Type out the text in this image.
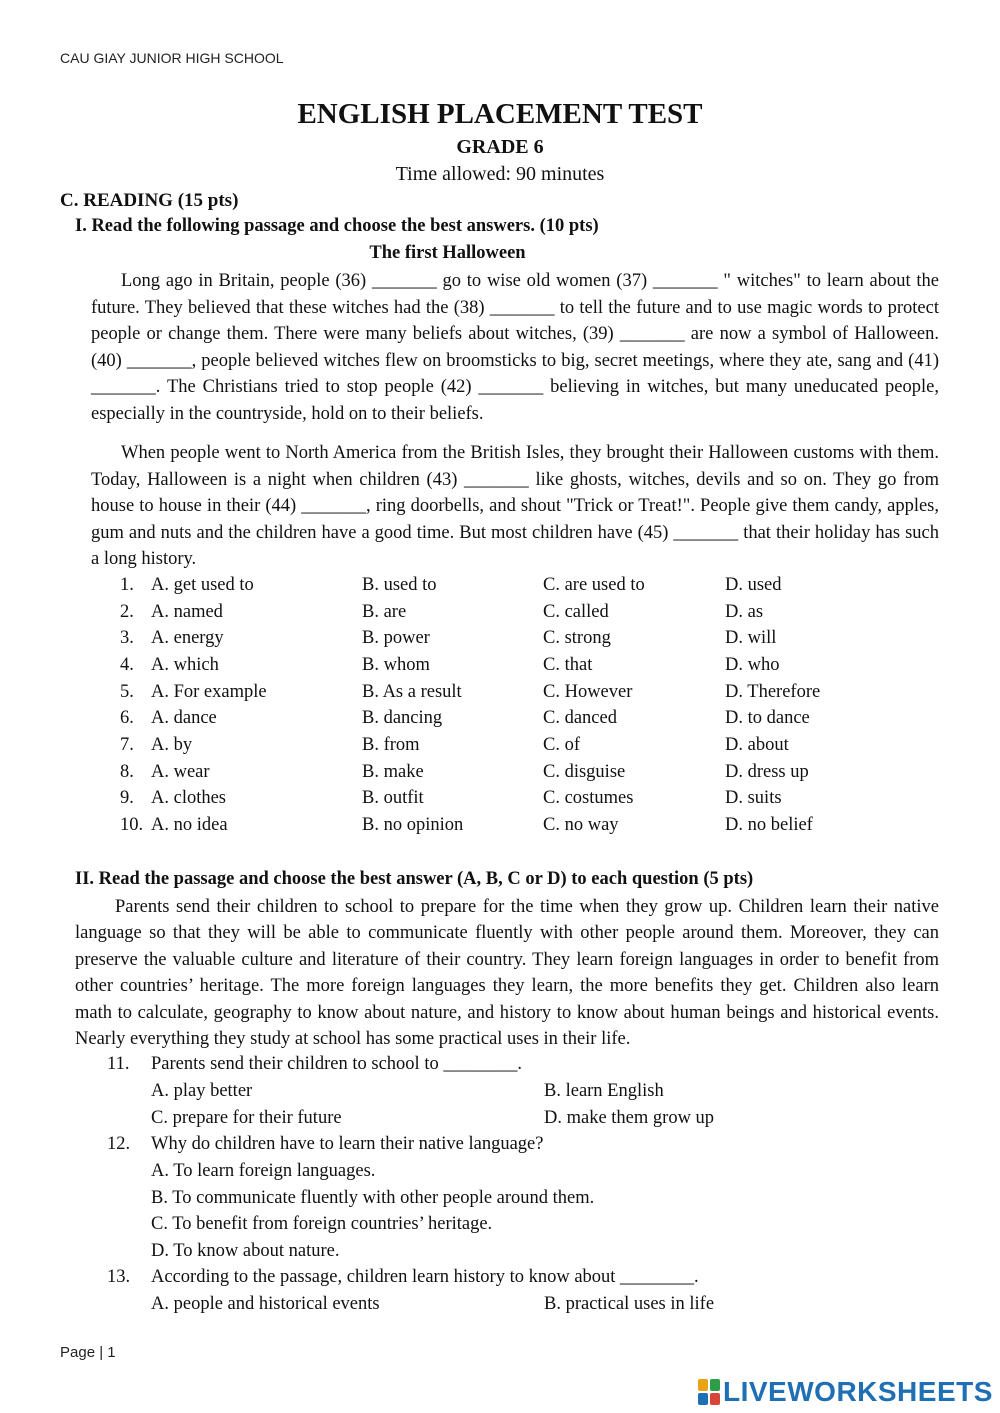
CAU GIAY JUNIOR HIGH SCHOOL
ENGLISH PLACEMENT TEST
GRADE 6
Time allowed: 90 minutes
C. READING (15 pts)
I. Read the following passage and choose the best answers. (10 pts)
The first Halloween

Long ago in Britain, people (36) _______ go to wise old women (37) _______ " witches" to learn about the future. They believed that these witches had the (38) _______ to tell the future and to use magic words to protect people or change them. There were many beliefs about witches, (39) _______ are now a symbol of Halloween. (40) _______, people believed witches flew on broomsticks to big, secret meetings, where they ate, sang and (41) _______. The Christians tried to stop people (42) _______ believing in witches, but many uneducated people, especially in the countryside, hold on to their beliefs.

When people went to North America from the British Isles, they brought their Halloween customs with them. Today, Halloween is a night when children (43) _______ like ghosts, witches, devils and so on. They go from house to house in their (44) _______, ring doorbells, and shout "Trick or Treat!". People give them candy, apples, gum and nuts and the children have a good time. But most children have (45) _______ that their holiday has such a long history.

1. A. get used to	B. used to	C. are used to	D. used
2. A. named	B. are	C. called	D. as
3. A. energy	B. power	C. strong	D. will
4. A. which	B. whom	C. that	D. who
5. A. For example	B. As a result	C. However	D. Therefore
6. A. dance	B. dancing	C. danced	D. to dance
7. A. by	B. from	C. of	D. about
8. A. wear	B. make	C. disguise	D. dress up
9. A. clothes	B. outfit	C. costumes	D. suits
10. A. no idea	B. no opinion	C. no way	D. no belief
II. Read the passage and choose the best answer (A, B, C or D) to each question (5 pts)

Parents send their children to school to prepare for the time when they grow up. Children learn their native language so that they will be able to communicate fluently with other people around them. Moreover, they can preserve the valuable culture and literature of their country. They learn foreign languages in order to benefit from other countries’ heritage. The more foreign languages they learn, the more benefits they get. Children also learn math to calculate, geography to know about nature, and history to know about human beings and historical events. Nearly everything they study at school has some practical uses in their life.

11. Parents send their children to school to ________.
A. play better	B. learn English
C. prepare for their future	D. make them grow up
12. Why do children have to learn their native language?
A. To learn foreign languages.
B. To communicate fluently with other people around them.
C. To benefit from foreign countries’ heritage.
D. To know about nature.
13. According to the passage, children learn history to know about ________.
A. people and historical events	B. practical uses in life
Page | 1
LIVEWORKSHEETS
